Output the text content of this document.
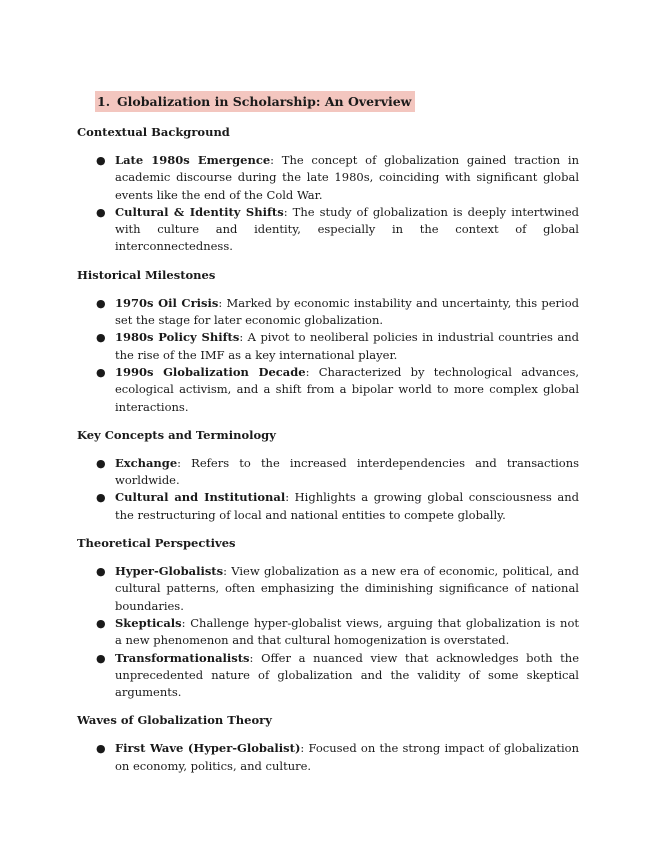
1. Globalization in Scholarship: An Overview

Contextual Background

● Late 1980s Emergence: The concept of globalization gained traction in academic discourse during the late 1980s, coinciding with significant global events like the end of the Cold War.
● Cultural & Identity Shifts: The study of globalization is deeply intertwined with culture and identity, especially in the context of global interconnectedness.

Historical Milestones

● 1970s Oil Crisis: Marked by economic instability and uncertainty, this period set the stage for later economic globalization.
● 1980s Policy Shifts: A pivot to neoliberal policies in industrial countries and the rise of the IMF as a key international player.
● 1990s Globalization Decade: Characterized by technological advances, ecological activism, and a shift from a bipolar world to more complex global interactions.

Key Concepts and Terminology

● Exchange: Refers to the increased interdependencies and transactions worldwide.
● Cultural and Institutional: Highlights a growing global consciousness and the restructuring of local and national entities to compete globally.

Theoretical Perspectives

● Hyper-Globalists: View globalization as a new era of economic, political, and cultural patterns, often emphasizing the diminishing significance of national boundaries.
● Skepticals: Challenge hyper-globalist views, arguing that globalization is not a new phenomenon and that cultural homogenization is overstated.
● Transformationalists: Offer a nuanced view that acknowledges both the unprecedented nature of globalization and the validity of some skeptical arguments.

Waves of Globalization Theory

● First Wave (Hyper-Globalist): Focused on the strong impact of globalization on economy, politics, and culture.
